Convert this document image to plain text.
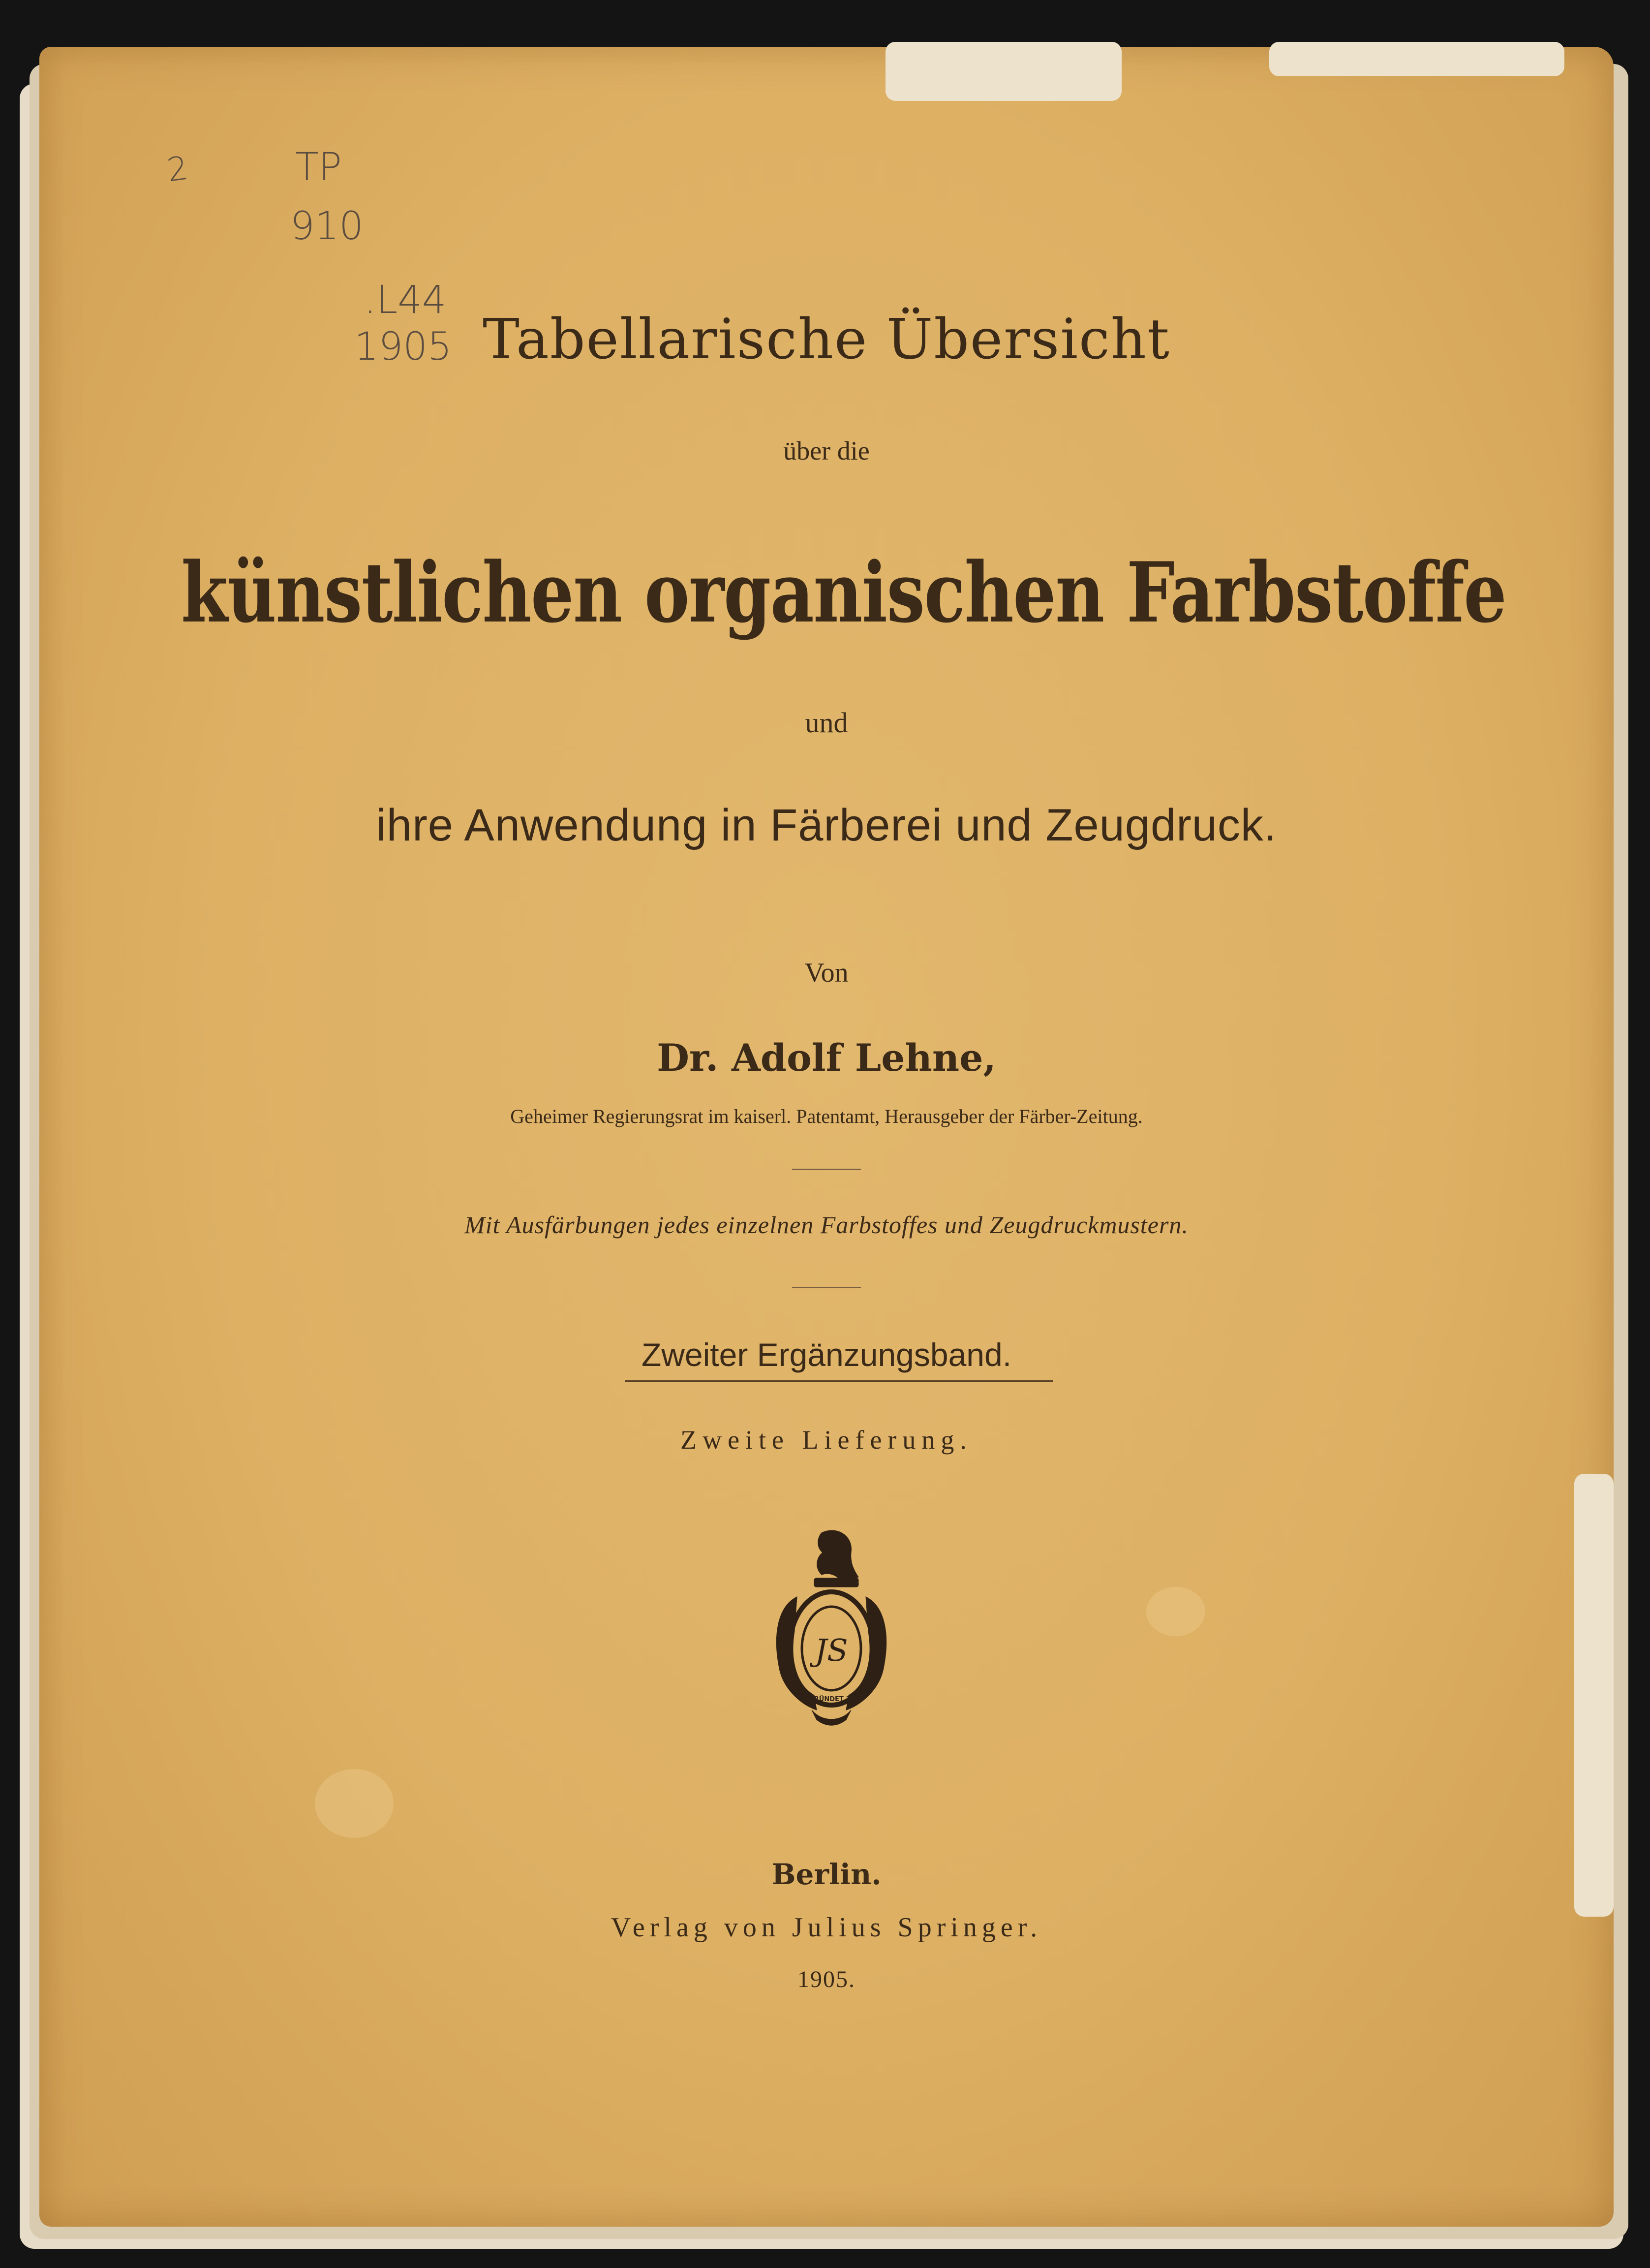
2	TP
910
.L44
1905 Tabellarische Übersicht

über die

künstlichen organischen Farbstoffe

und

ihre Anwendung in Färberei und Zeugdruck.

Von

Dr. Adolf Lehne,

Geheimer Regierungsrat im kaiserl. Patentamt, Herausgeber der Färber-Zeitung.

Mit Ausfärbungen jedes einzelnen Farbstoffes und Zeugdruckmustern.

Zweiter Ergänzungsband.

Zweite Lieferung.

JS
GEGRÜNDET 1842

Berlin.

Verlag von Julius Springer.

1905.
